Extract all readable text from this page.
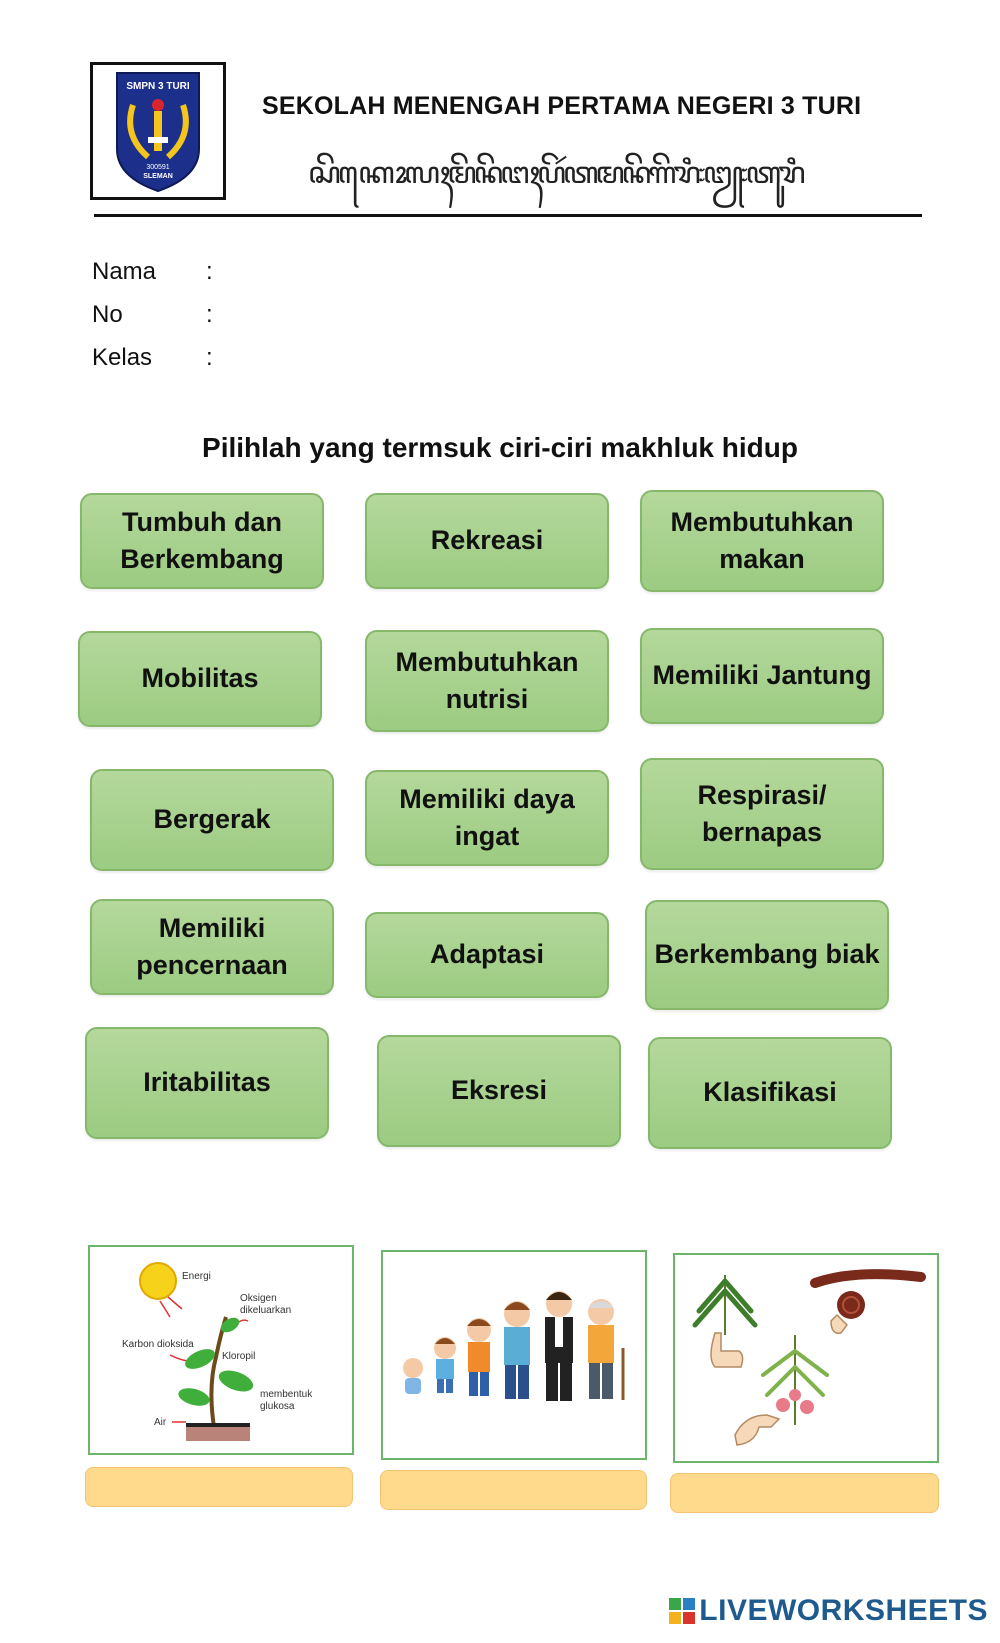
SMPN 3 TURI
300591
SLEMAN
SEKOLAH MENENGAH PERTAMA NEGERI 3 TURI
ꦱꦼꦏꦺꦴꦭꦃꦩꦼꦤꦼꦔꦃꦥꦼꦂꦠꦩꦤꦼꦒꦼꦫꦶ꧇꧓꧇ꦠꦸꦫꦶ
Nama :
No	:
Kelas :
Pilihlah yang termsuk ciri-ciri makhluk hidup
Tumbuh dan Berkembang
Rekreasi
Membutuhkan makan
Mobilitas
Membutuhkan nutrisi
Memiliki Jantung
Bergerak
Memiliki daya ingat
Respirasi/ bernapas
Memiliki pencernaan	Adaptasi	Berkembang biak
Iritabilitas	Eksresi	Klasifikasi
Energi
Oksigen
dikeluarkan
Karbon dioksida
Kloropil
membentuk
glukosa
Air
LIVEWORKSHEETS
